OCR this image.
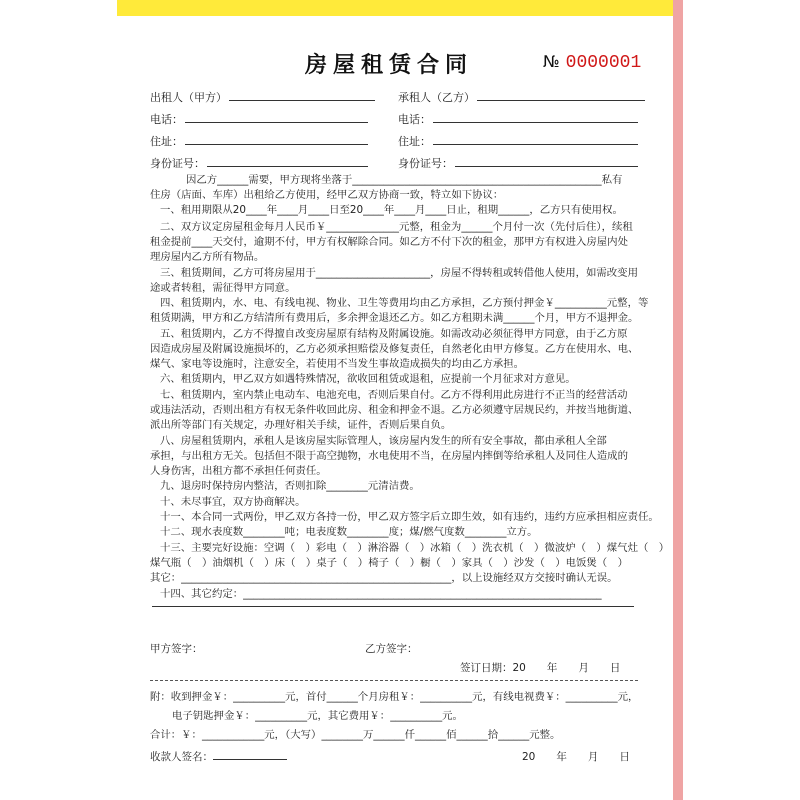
房屋租赁合同	№ 0000001
出租人（甲方）	承租人（乙方）
电话：	电话：
住址：	住址：
身份证号：	身份证号：
因乙方______需要，甲方现将坐落于________________________________________________私有
住房（店面、车库）出租给乙方使用，经甲乙双方协商一致，特立如下协议：
一、租用期限从20____年____月____日至20____年____月____日止，租期______，乙方只有使用权。
二、双方议定房屋租金每月人民币￥______________元整，租金为______个月付一次（先付后住），续租
租金提前____天交付，逾期不付，甲方有权解除合同。如乙方不付下次的租金，那甲方有权进入房屋内处
理房屋内乙方所有物品。
三、租赁期间，乙方可将房屋用于______________________，房屋不得转租或转借他人使用，如需改变用
途或者转租，需征得甲方同意。
四、租赁期内，水、电、有线电视、物业、卫生等费用均由乙方承担，乙方预付押金￥__________元整，等
租赁期满，甲方和乙方结清所有费用后，多余押金退还乙方。如乙方租期未满______个月，甲方不退押金。
五、租赁期内，乙方不得擅自改变房屋原有结构及附属设施。如需改动必须征得甲方同意，由于乙方原
因造成房屋及附属设施损坏的，乙方必须承担赔偿及修复责任，自然老化由甲方修复。乙方在使用水、电、
煤气、家电等设施时，注意安全，若使用不当发生事故造成损失的均由乙方承担。
六、租赁期内，甲乙双方如遇特殊情况，欲收回租赁或退租，应提前一个月征求对方意见。
七、租赁期内，室内禁止电动车、电池充电，否则后果自付。乙方不得利用此房进行不正当的经营活动
或违法活动，否则出租方有权无条件收回此房、租金和押金不退。乙方必须遵守居规民约，并按当地街道、
派出所等部门有关规定，办理好相关手续，证件，否则后果自负。
八、房屋租赁期内，承租人是该房屋实际管理人，该房屋内发生的所有安全事故，都由承租人全部
承担，与出租方无关。包括但不限于高空抛物，水电使用不当，在房屋内摔倒等给承租人及同住人造成的
人身伤害，出租方都不承担任何责任。
九、退房时保持房内整洁，否则扣除________元清洁费。
十、未尽事宜，双方协商解决。
十一、本合同一式两份，甲乙双方各持一份，甲乙双方签字后立即生效，如有违约，违约方应承担相应责任。
十二、现水表度数________吨；电表度数________度；煤/燃气度数________立方。
十三、主要完好设施：空调（　）彩电（　）淋浴器（　）冰箱（　）洗衣机（　）微波炉（　）煤气灶（　）
煤气瓶（　）油烟机（　）床（　）桌子（　）椅子（　）橱（　）家具（　）沙发（　）电饭煲（　）
其它：____________________________________________________，以上设施经双方交接时确认无误。
十四、其它约定：_____________________________________________________________________
甲方签字：	乙方签字：
签订日期：20　　年　　月　　日
附：收到押金￥：__________元，首付______个月房租￥：__________元，有线电视费￥：__________元，
电子钥匙押金￥：__________元，其它费用￥：__________元。
合计：￥：____________元，（大写）________万______仟______佰______拾______元整。
收款人签名：	20　　年　　月　　日
